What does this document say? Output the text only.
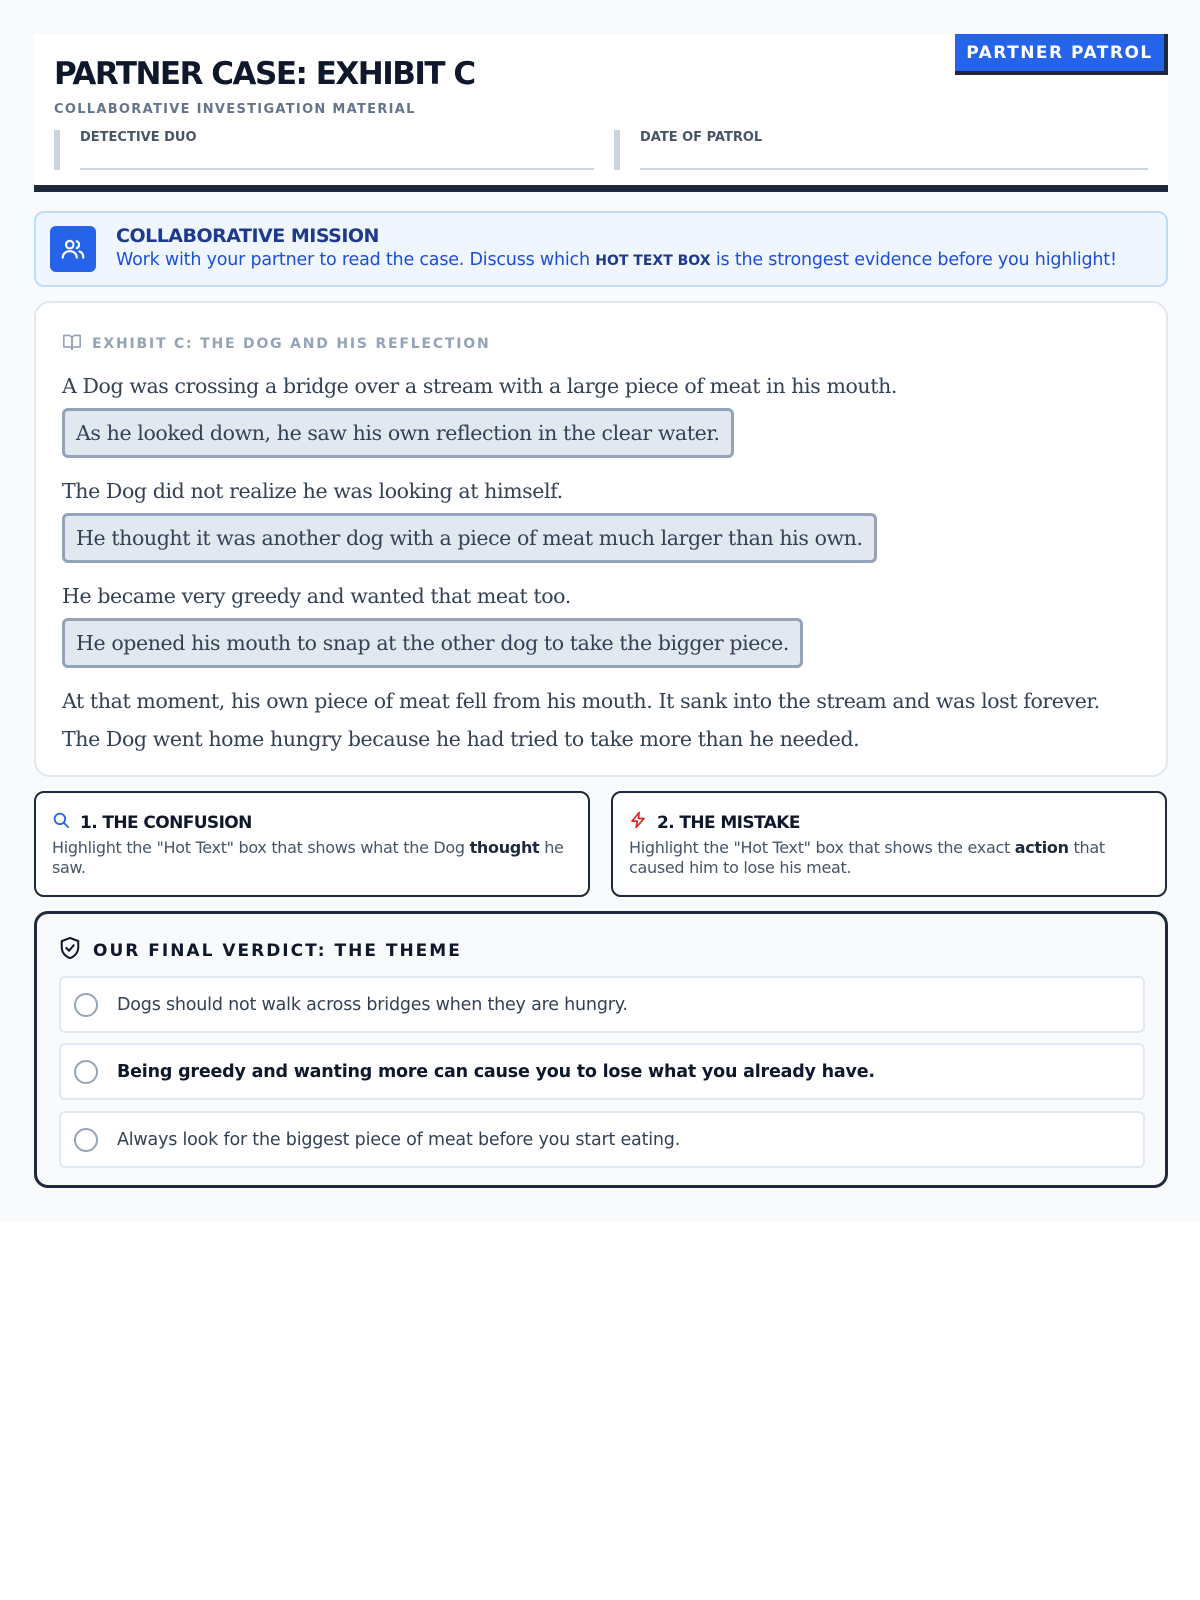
PARTNER PATROL
PARTNER CASE: EXHIBIT C
COLLABORATIVE INVESTIGATION MATERIAL
DETECTIVE DUO	DATE OF PATROL
COLLABORATIVE MISSION
Work with your partner to read the case. Discuss which HOT TEXT BOX is the strongest evidence before you highlight!
EXHIBIT C: THE DOG AND HIS REFLECTION
A Dog was crossing a bridge over a stream with a large piece of meat in his mouth.
As he looked down, he saw his own reflection in the clear water.
The Dog did not realize he was looking at himself.
He thought it was another dog with a piece of meat much larger than his own.
He became very greedy and wanted that meat too.
He opened his mouth to snap at the other dog to take the bigger piece.
At that moment, his own piece of meat fell from his mouth. It sank into the stream and was lost forever. The Dog went home hungry because he had tried to take more than he needed.
1. THE CONFUSION
Highlight the "Hot Text" box that shows what the Dog thought he saw.
2. THE MISTAKE
Highlight the "Hot Text" box that shows the exact action that caused him to lose his meat.
OUR FINAL VERDICT: THE THEME
Dogs should not walk across bridges when they are hungry.
Being greedy and wanting more can cause you to lose what you already have.
Always look for the biggest piece of meat before you start eating.
